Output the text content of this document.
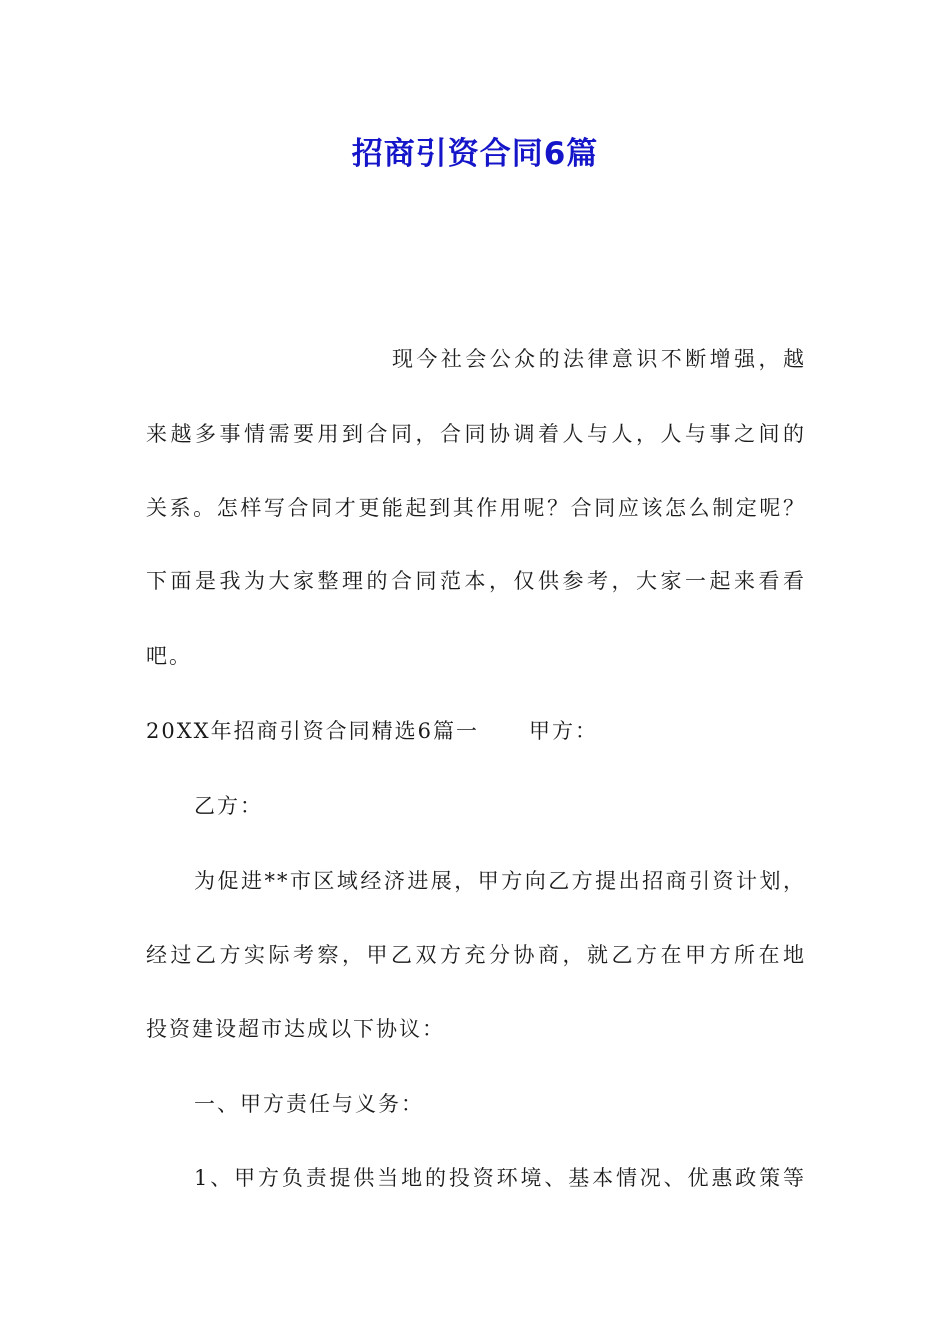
招商引资合同6篇
现今社会公众的法律意识不断增强，越
来越多事情需要用到合同，合同协调着人与人，人与事之间的
关系。怎样写合同才更能起到其作用呢？合同应该怎么制定呢？
下面是我为大家整理的合同范本，仅供参考，大家一起来看看
吧。
20XX年招商引资合同精选6篇一 甲方：
乙方：
为促进**市区域经济进展，甲方向乙方提出招商引资计划，
经过乙方实际考察，甲乙双方充分协商，就乙方在甲方所在地
投资建设超市达成以下协议：
一、甲方责任与义务：
1、甲方负责提供当地的投资环境、基本情况、优惠政策等
